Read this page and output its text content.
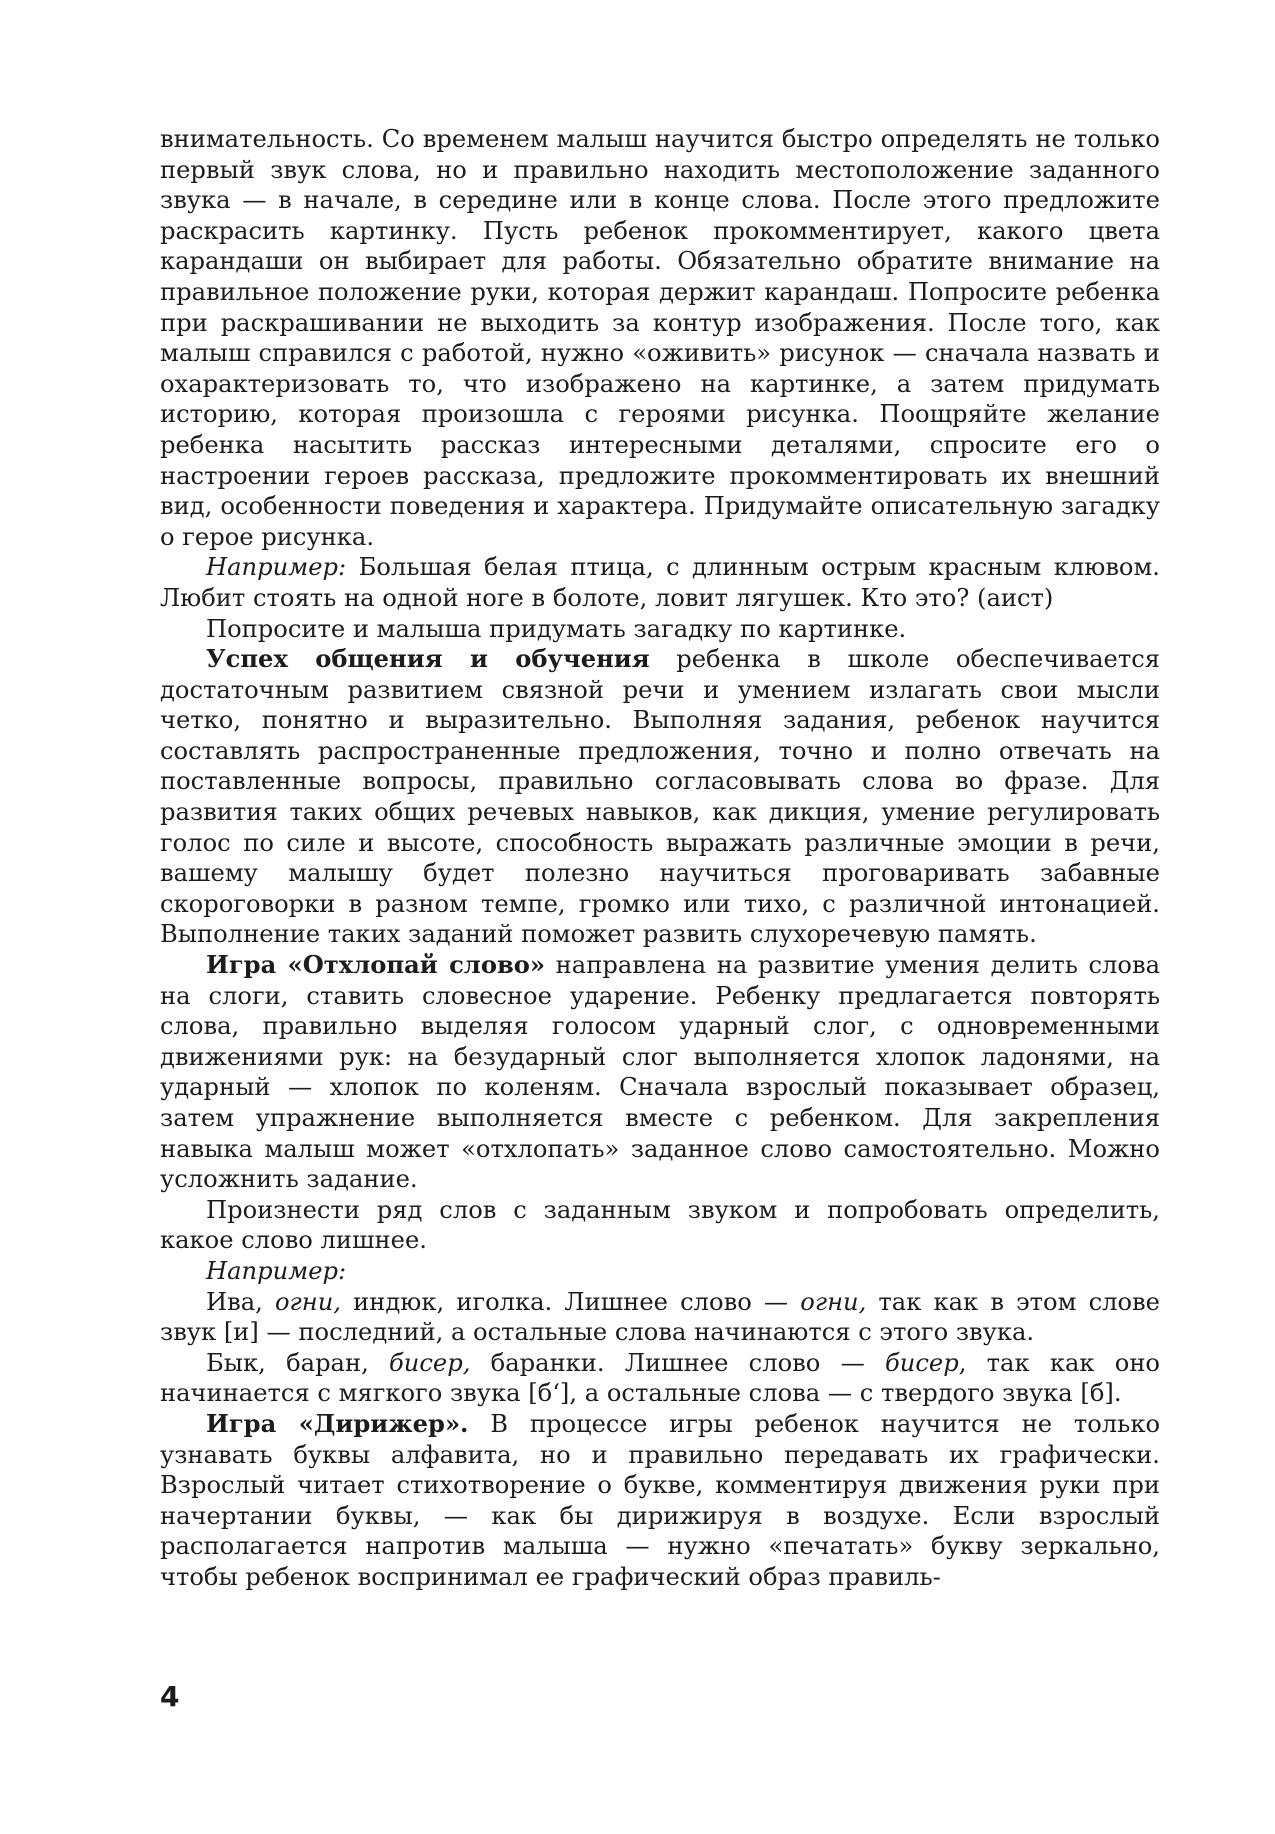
внимательность. Со временем малыш научится быстро определять не только первый звук слова, но и правильно находить местоположение заданного звука — в начале, в середине или в конце слова. После этого предложите раскрасить картинку. Пусть ребенок прокомментирует, какого цвета карандаши он выбирает для работы. Обязательно обратите внимание на правильное положение руки, которая держит карандаш. Попросите ребенка при раскрашивании не выходить за контур изображения. После того, как малыш справился с работой, нужно «оживить» рисунок — сначала назвать и охарактеризовать то, что изображено на картинке, а затем придумать историю, которая произошла с героями рисунка. Поощряйте желание ребенка насытить рассказ интересными деталями, спросите его о настроении героев рассказа, предложите прокомментировать их внешний вид, особенности поведения и характера. Придумайте описательную загадку о герое рисунка.

Например: Большая белая птица, с длинным острым красным клювом. Любит стоять на одной ноге в болоте, ловит лягушек. Кто это? (аист)

Попросите и малыша придумать загадку по картинке.

Успех общения и обучения ребенка в школе обеспечивается достаточным развитием связной речи и умением излагать свои мысли четко, понятно и выразительно. Выполняя задания, ребенок научится составлять распространенные предложения, точно и полно отвечать на поставленные вопросы, правильно согласовывать слова во фразе. Для развития таких общих речевых навыков, как дикция, умение регулировать голос по силе и высоте, способность выражать различные эмоции в речи, вашему малышу будет полезно научиться проговаривать забавные скороговорки в разном темпе, громко или тихо, с различной интонацией. Выполнение таких заданий поможет развить слухоречевую память.

Игра «Отхлопай слово» направлена на развитие умения делить слова на слоги, ставить словесное ударение. Ребенку предлагается повторять слова, правильно выделяя голосом ударный слог, с одновременными движениями рук: на безударный слог выполняется хлопок ладонями, на ударный — хлопок по коленям. Сначала взрослый показывает образец, затем упражнение выполняется вместе с ребенком. Для закрепления навыка малыш может «отхлопать» заданное слово самостоятельно. Можно усложнить задание.

Произнести ряд слов с заданным звуком и попробовать определить, какое слово лишнее.

Например:

Ива, огни, индюк, иголка. Лишнее слово — огни, так как в этом слове звук [и] — последний, а остальные слова начинаются с этого звука.

Бык, баран, бисер, баранки. Лишнее слово — бисер, так как оно начинается с мягкого звука [б‘], а остальные слова — с твердого звука [б].

Игра «Дирижер». В процессе игры ребенок научится не только узнавать буквы алфавита, но и правильно передавать их графически. Взрослый читает стихотворение о букве, комментируя движения руки при начертании буквы, — как бы дирижируя в воздухе. Если взрослый располагается напротив малыша — нужно «печатать» букву зеркально, чтобы ребенок воспринимал ее графический образ правиль-

4
